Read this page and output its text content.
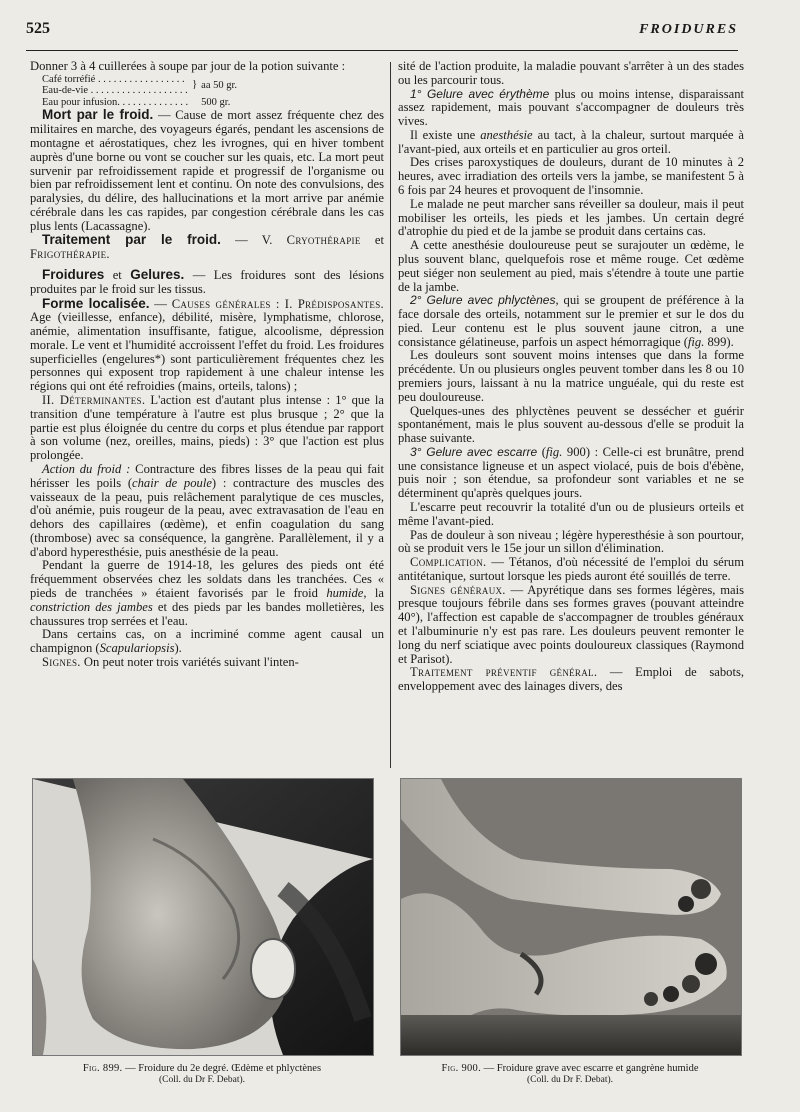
525	FROIDURES

Donner 3 à 4 cuillerées à soupe par jour de la potion suivante :

Café torréfié . . . . . . . . . . . . . . . . .	}	aa 50 gr.
Eau-de-vie . . . . . . . . . . . . . . . . . . .		
Eau pour infusion. . . . . . . . . . . . . .		500 gr.

Mort par le froid. — Cause de mort assez fréquente chez des militaires en marche, des voyageurs égarés, pendant les ascensions de montagne et aérostatiques, chez les ivrognes, qui en hiver tombent auprès d'une borne ou vont se coucher sur les quais, etc. La mort peut survenir par refroidissement rapide et progressif de l'organisme ou bien par refroidissement lent et continu. On note des convulsions, des paralysies, du délire, des hallucinations et la mort arrive par anémie cérébrale dans les cas rapides, par congestion cérébrale dans les cas plus lents (Lacassagne).

Traitement par le froid. — V. Cryothérapie et Frigothérapie.

Froidures et Gelures. — Les froidures sont des lésions produites par le froid sur les tissus.

Forme localisée. — Causes générales : I. Prédisposantes. Age (vieillesse, enfance), débilité, misère, lymphatisme, chlorose, anémie, alimentation insuffisante, fatigue, alcoolisme, dépression morale. Le vent et l'humidité accroissent l'effet du froid. Les froidures superficielles (engelures*) sont particulièrement fréquentes chez les personnes qui exposent trop rapidement à une chaleur intense les régions qui ont été refroidies (mains, orteils, talons) ;

II. Déterminantes. L'action est d'autant plus intense : 1° que la transition d'une température à l'autre est plus brusque ; 2° que la partie est plus éloignée du centre du corps et plus étendue par rapport à son volume (nez, oreilles, mains, pieds) : 3° que l'action est plus prolongée.

Action du froid : Contracture des fibres lisses de la peau qui fait hérisser les poils (chair de poule) : contracture des muscles des vaisseaux de la peau, puis relâchement paralytique de ces muscles, d'où anémie, puis rougeur de la peau, avec extravasation de l'eau en dehors des capillaires (œdème), et enfin coagulation du sang (thrombose) avec sa conséquence, la gangrène. Parallèlement, il y a d'abord hyperesthésie, puis anesthésie de la peau.

Pendant la guerre de 1914-18, les gelures des pieds ont été fréquemment observées chez les soldats dans les tranchées. Ces « pieds de tranchées » étaient favorisés par le froid humide, la constriction des jambes et des pieds par les bandes molletières, les chaussures trop serrées et l'eau.

Dans certains cas, on a incriminé comme agent causal un champignon (Scapulariopsis).

Signes. On peut noter trois variétés suivant l'inten-

sité de l'action produite, la maladie pouvant s'arrêter à un des stades ou les parcourir tous.

1° Gelure avec érythème plus ou moins intense, disparaissant assez rapidement, mais pouvant s'accompagner de douleurs très vives.

Il existe une anesthésie au tact, à la chaleur, surtout marquée à l'avant-pied, aux orteils et en particulier au gros orteil.

Des crises paroxystiques de douleurs, durant de 10 minutes à 2 heures, avec irradiation des orteils vers la jambe, se manifestent 5 à 6 fois par 24 heures et provoquent de l'insomnie.

Le malade ne peut marcher sans réveiller sa douleur, mais il peut mobiliser les orteils, les pieds et les jambes. Un certain degré d'atrophie du pied et de la jambe se produit dans certains cas.

A cette anesthésie douloureuse peut se surajouter un œdème, le plus souvent blanc, quelquefois rose et même rouge. Cet œdème peut siéger non seulement au pied, mais s'étendre à toute une partie de la jambe.

2° Gelure avec phlyctènes, qui se groupent de préférence à la face dorsale des orteils, notamment sur le premier et sur le dos du pied. Leur contenu est le plus souvent jaune citron, a une consistance gélatineuse, parfois un aspect hémorragique (fig. 899).

Les douleurs sont souvent moins intenses que dans la forme précédente. Un ou plusieurs ongles peuvent tomber dans les 8 ou 10 premiers jours, laissant à nu la matrice unguéale, qui du reste est peu douloureuse.

Quelques-unes des phlyctènes peuvent se dessécher et guérir spontanément, mais le plus souvent au-dessous d'elle se produit la phase suivante.

3° Gelure avec escarre (fig. 900) : Celle-ci est brunâtre, prend une consistance ligneuse et un aspect violacé, puis de bois d'ébène, puis noir ; son étendue, sa profondeur sont variables et ne se déterminent qu'après quelques jours.

L'escarre peut recouvrir la totalité d'un ou de plusieurs orteils et même l'avant-pied.

Pas de douleur à son niveau ; légère hyperesthésie à son pourtour, où se produit vers le 15e jour un sillon d'élimination.

Complication. — Tétanos, d'où nécessité de l'emploi du sérum antitétanique, surtout lorsque les pieds auront été souillés de terre.

Signes généraux. — Apyrétique dans ses formes légères, mais presque toujours fébrile dans ses formes graves (pouvant atteindre 40°), l'affection est capable de s'accompagner de troubles généraux et l'albuminurie n'y est pas rare. Les douleurs peuvent remonter le long du nerf sciatique avec points douloureux classiques (Raymond et Parisot).

Traitement préventif général. — Emploi de sabots, enveloppement avec des lainages divers, des

Fig. 899. — Froidure du 2e degré. Œdème et phlyctènes
(Coll. du Dr F. Debat).
Fig. 900. — Froidure grave avec escarre et gangrène humide
(Coll. du Dr F. Debat).
